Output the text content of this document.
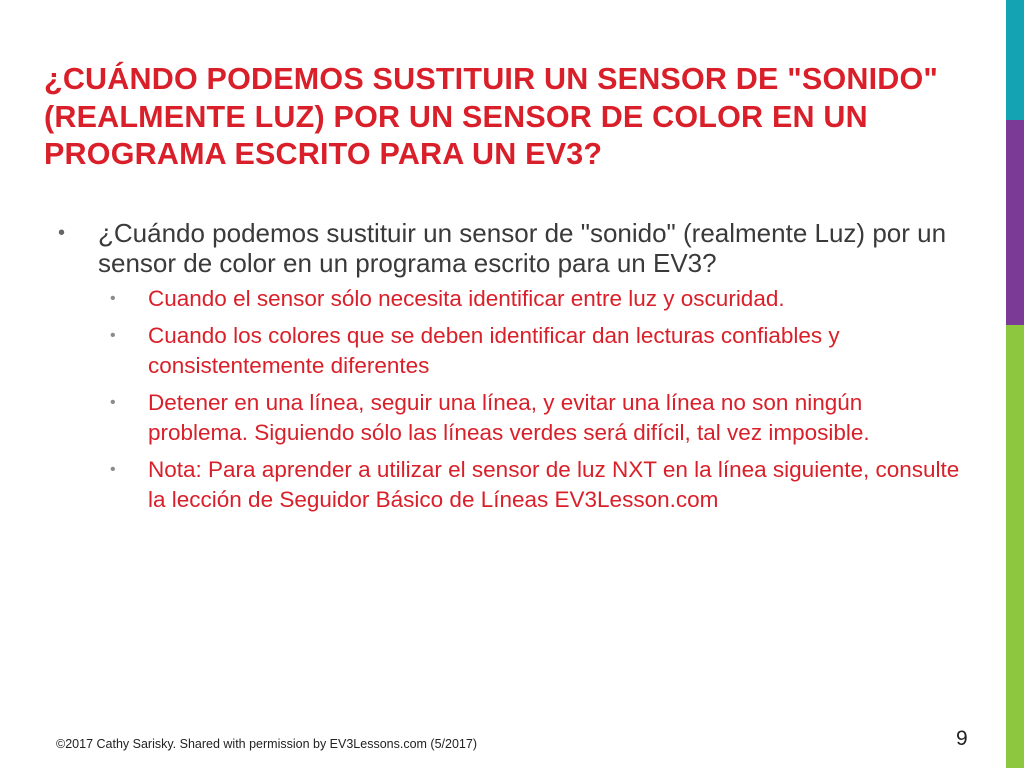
¿CUÁNDO PODEMOS SUSTITUIR UN SENSOR DE "SONIDO" (REALMENTE LUZ) POR UN SENSOR DE COLOR EN UN PROGRAMA ESCRITO PARA UN EV3?
• ¿Cuándo podemos sustituir un sensor de "sonido" (realmente Luz) por un sensor de color en un programa escrito para un EV3?
• Cuando el sensor sólo necesita identificar entre luz y oscuridad.
• Cuando los colores que se deben identificar dan lecturas confiables y consistentemente diferentes
• Detener en una línea, seguir una línea, y evitar una línea no son ningún problema. Siguiendo sólo las líneas verdes será difícil, tal vez imposible.
• Nota: Para aprender a utilizar el sensor de luz NXT en la línea siguiente, consulte la lección de Seguidor Básico de Líneas EV3Lesson.com
©2017 Cathy Sarisky. Shared with permission by EV3Lessons.com (5/2017)	9
